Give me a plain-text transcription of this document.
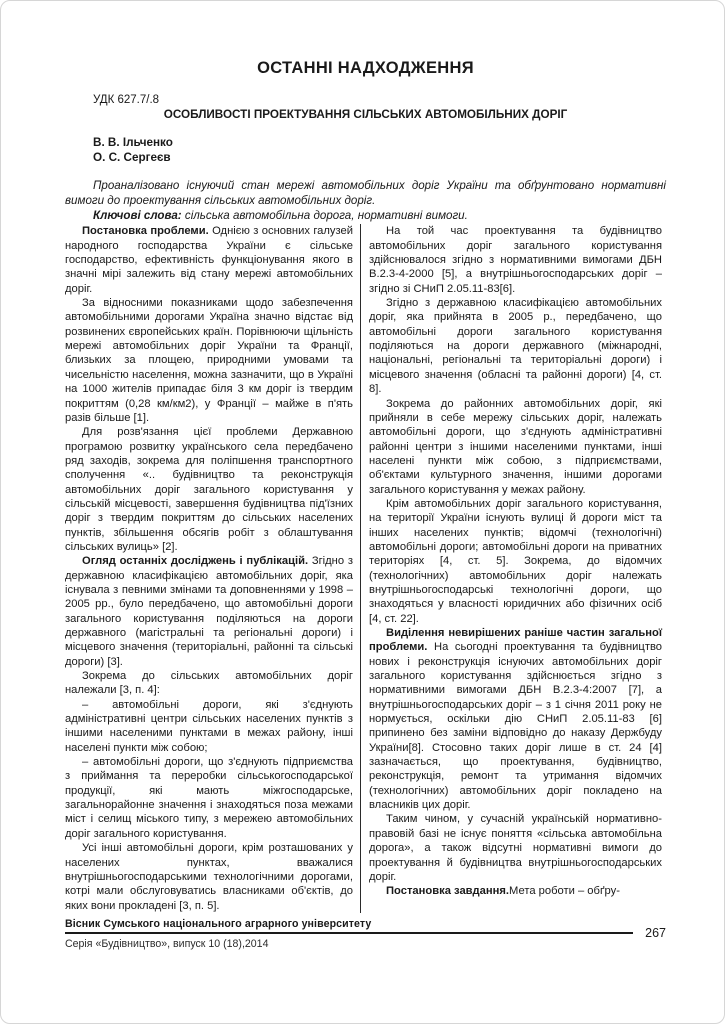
ОСТАННІ НАДХОДЖЕННЯ
УДК 627.7/.8
ОСОБЛИВОСТІ ПРОЕКТУВАННЯ СІЛЬСЬКИХ АВТОМОБІЛЬНИХ ДОРІГ
В. В. Ільченко
О. С. Сергеєв

Проаналізовано існуючий стан мережі автомобільних доріг України та обґрунтовано нормативні вимоги до проектування сільських автомобільних доріг.

Ключові слова: сільська автомобільна дорога, нормативні вимоги.

Постановка проблеми. Однією з основних галузей народного господарства України є сільське господарство, ефективність функціонування якого в значні мірі залежить від стану мережі автомобільних доріг.

За відносними показниками щодо забезпечення автомобільними дорогами Україна значно відстає від розвинених європейських країн. Порівнюючи щільність мережі автомобільних доріг України та Франції, близьких за площею, природними умовами та чисельністю населення, можна зазначити, що в Україні на 1000 жителів припадає біля 3 км доріг із твердим покриттям (0,28 км/км2), у Франції – майже в п'ять разів більше [1].

Для розв'язання цієї проблеми Державною програмою розвитку українського села передбачено ряд заходів, зокрема для поліпшення транспортного сполучення «.. будівництво та реконструкція автомобільних доріг загального користування у сільській місцевості, завершення будівництва під'їзних доріг з твердим покриттям до сільських населених пунктів, збільшення обсягів робіт з облаштування сільських вулиць» [2].

Огляд останніх досліджень і публікацій. Згідно з державною класифікацією автомобільних доріг, яка існувала з певними змінами та доповненнями у 1998 – 2005 рр., було передбачено, що автомобільні дороги загального користування поділяються на дороги державного (магістральні та регіональні дороги) і місцевого значення (територіальні, районні та сільські дороги) [3].

Зокрема до сільських автомобільних доріг належали [3, п. 4]:

– автомобільні дороги, які з'єднують адміністративні центри сільських населених пунктів з іншими населеними пунктами в межах району, інші населені пункти між собою;

– автомобільні дороги, що з'єднують підприємства з приймання та переробки сільськогосподарської продукції, які мають міжгосподарське, загальнорайонне значення і знаходяться поза межами міст і селищ міського типу, з мережею автомобільних доріг загального користування.

Усі інші автомобільні дороги, крім розташованих у населених пунктах, вважалися внутрішньогосподарськими технологічними дорогами, котрі мали обслуговуватись власниками об'єктів, до яких вони прокладені [3, п. 5].

На той час проектування та будівництво автомобільних доріг загального користування здійснювалося згідно з нормативними вимогами ДБН В.2.3-4-2000 [5], а внутрішньогосподарських доріг – згідно зі СНиП 2.05.11-83[6].

Згідно з державною класифікацією автомобільних доріг, яка прийнята в 2005 р., передбачено, що автомобільні дороги загального користування поділяються на дороги державного (міжнародні, національні, регіональні та територіальні дороги) і місцевого значення (обласні та районні дороги) [4, ст. 8].

Зокрема до районних автомобільних доріг, які прийняли в себе мережу сільських доріг, належать автомобільні дороги, що з'єднують адміністративні районні центри з іншими населеними пунктами, інші населені пункти між собою, з підприємствами, об'єктами культурного значення, іншими дорогами загального користування у межах району.

Крім автомобільних доріг загального користування, на території України існують вулиці й дороги міст та інших населених пунктів; відомчі (технологічні) автомобільні дороги; автомобільні дороги на приватних територіях [4, ст. 5]. Зокрема, до відомчих (технологічних) автомобільних доріг належать внутрішньогосподарські технологічні дороги, що знаходяться у власності юридичних або фізичних осіб [4, ст. 22].

Виділення невирішених раніше частин загальної проблеми. На сьогодні проектування та будівництво нових і реконструкція існуючих автомобільних доріг загального користування здійснюється згідно з нормативними вимогами ДБН В.2.3-4:2007 [7], а внутрішньогосподарських доріг – з 1 січня 2011 року не нормується, оскільки дію СНиП 2.05.11-83 [6] припинено без заміни відповідно до наказу Держбуду України[8]. Стосовно таких доріг лише в ст. 24 [4] зазначається, що проектування, будівництво, реконструкція, ремонт та утримання відомчих (технологічних) автомобільних доріг покладено на власників цих доріг.

Таким чином, у сучасній українській нормативно-правовій базі не існує поняття «сільська автомобільна дорога», а також відсутні нормативні вимоги до проектування й будівництва внутрішньогосподарських доріг.

Постановка завдання.Мета роботи – обґру-

Вісник Сумського національного аграрного університету

Серія «Будівництво», випуск 10 (18),2014

267
